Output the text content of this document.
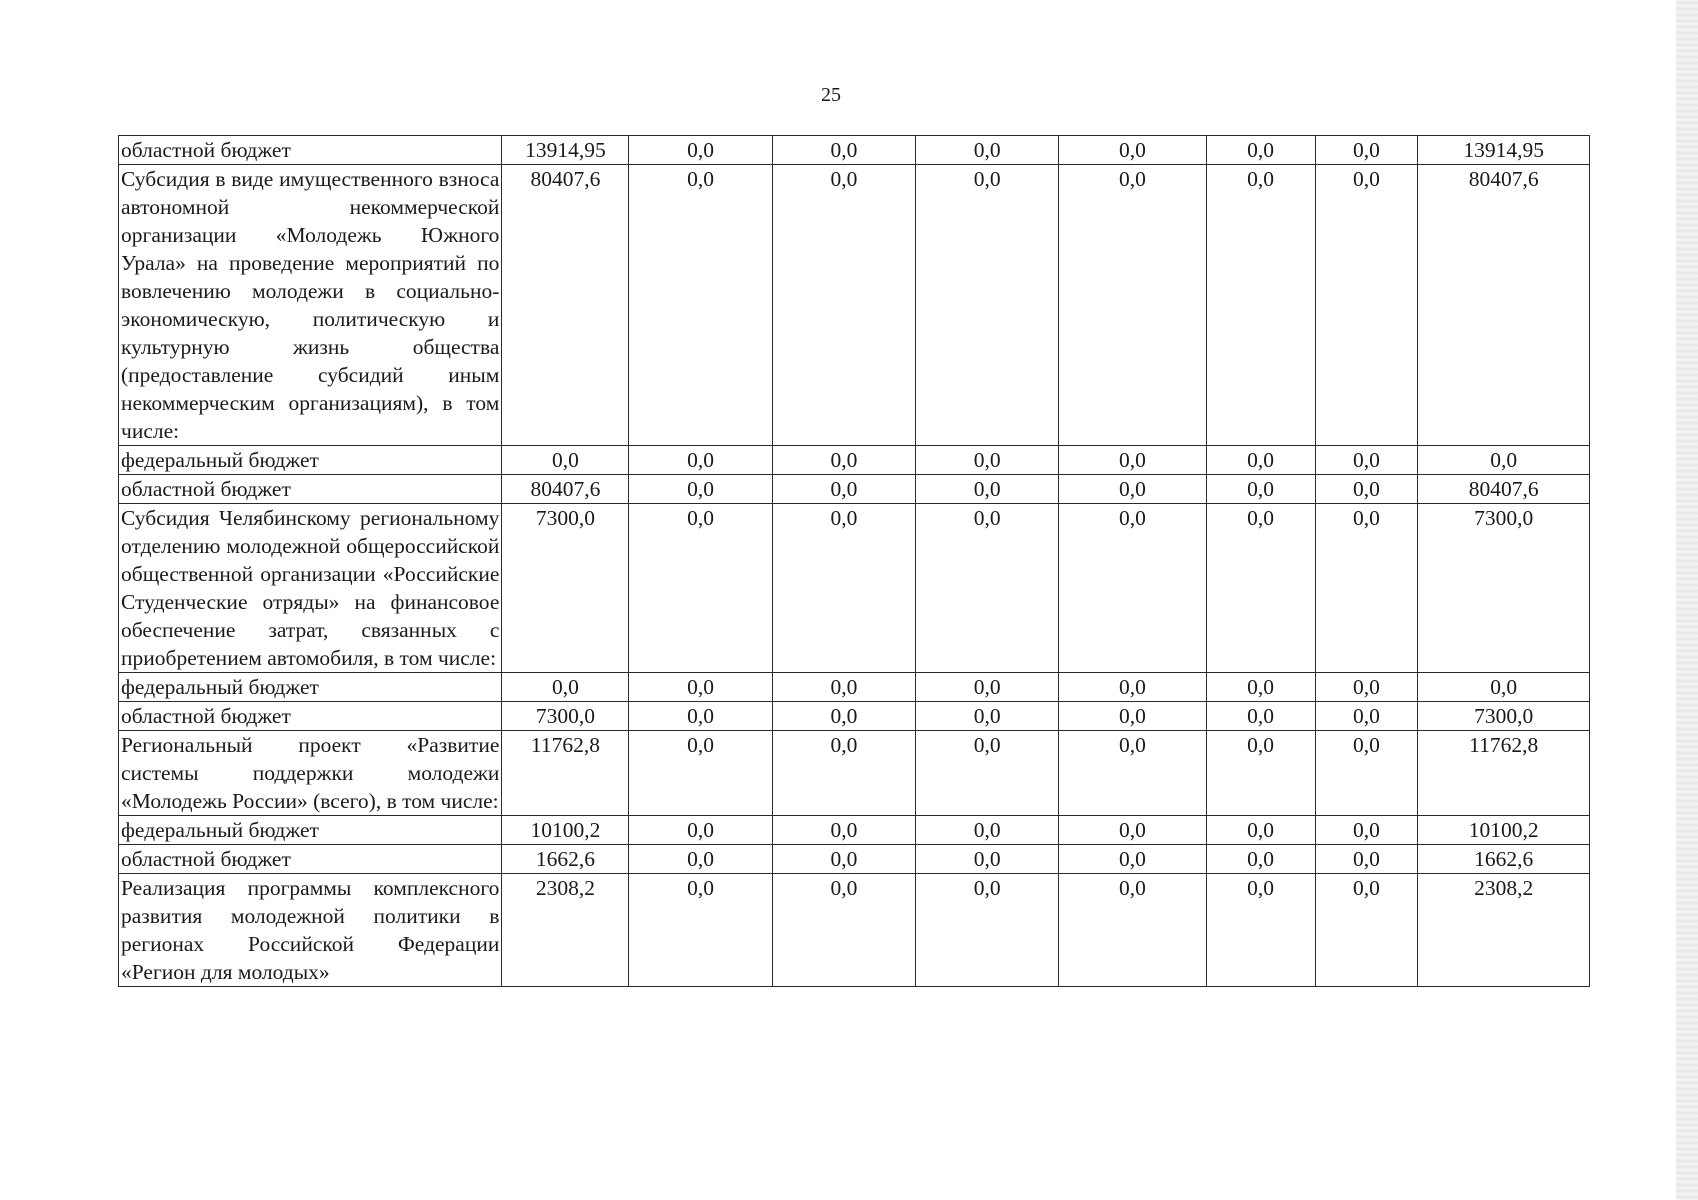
25
областной бюджет	13914,95	0,0	0,0	0,0	0,0	0,0	0,0	13914,95
Субсидия в виде имущественного взноса автономной некоммерческой организации «Молодежь Южного Урала» на проведение мероприятий по вовлечению молодежи в социально-экономическую, политическую и культурную жизнь общества (предоставление субсидий иным некоммерческим организациям), в том числе:	80407,6	0,0	0,0	0,0	0,0	0,0	0,0	80407,6
федеральный бюджет	0,0	0,0	0,0	0,0	0,0	0,0	0,0	0,0
областной бюджет	80407,6	0,0	0,0	0,0	0,0	0,0	0,0	80407,6
Субсидия Челябинскому региональному отделению молодежной общероссийской общественной организации «Российские Студенческие отряды» на финансовое обеспечение затрат, связанных с приобретением автомобиля, в том числе:	7300,0	0,0	0,0	0,0	0,0	0,0	0,0	7300,0
федеральный бюджет	0,0	0,0	0,0	0,0	0,0	0,0	0,0	0,0
областной бюджет	7300,0	0,0	0,0	0,0	0,0	0,0	0,0	7300,0
Региональный проект «Развитие системы поддержки молодежи «Молодежь России» (всего), в том числе:	11762,8	0,0	0,0	0,0	0,0	0,0	0,0	11762,8
федеральный бюджет	10100,2	0,0	0,0	0,0	0,0	0,0	0,0	10100,2
областной бюджет	1662,6	0,0	0,0	0,0	0,0	0,0	0,0	1662,6
Реализация программы комплексного развития молодежной политики в регионах Российской Федерации «Регион для молодых»	2308,2	0,0	0,0	0,0	0,0	0,0	0,0	2308,2
